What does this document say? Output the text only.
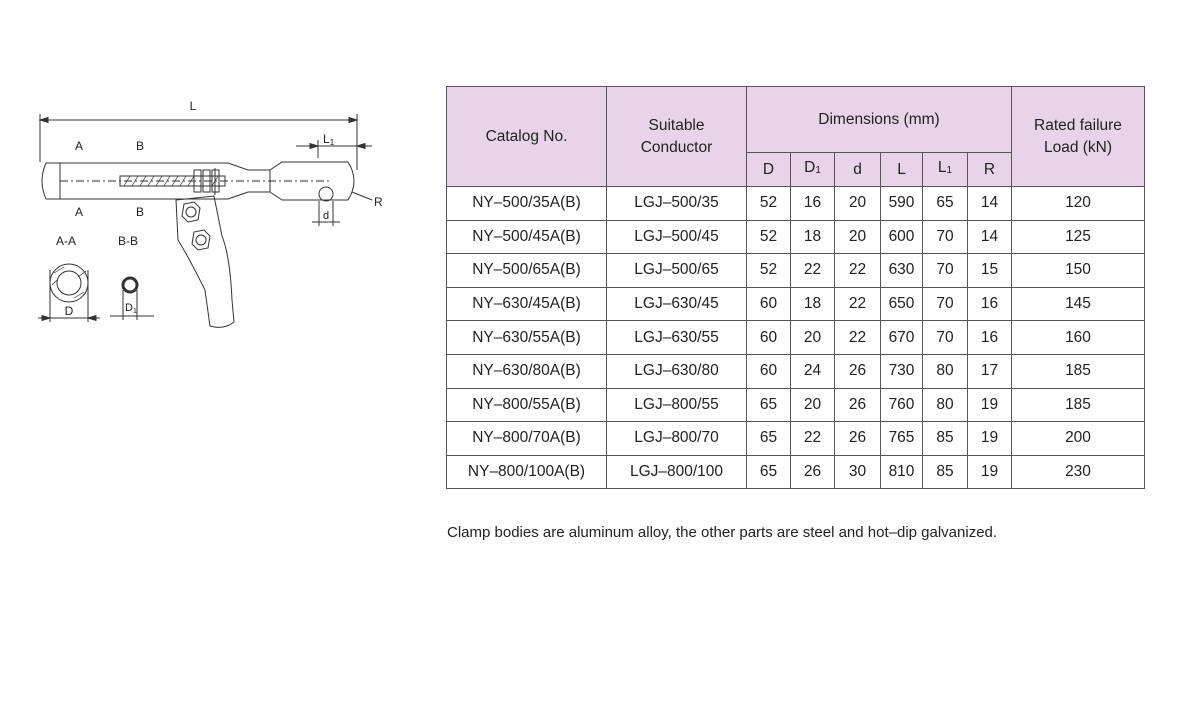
L
L1
A	B
A	B
R
d
A-A	B-B
D	D1
Catalog No.	Suitable Conductor	Dimensions (mm)						Rated failure Load (kN)
		D	D1	d	L	L1	R	
NY–500/35A(B)	LGJ–500/35	52	16	20	590	65	14	120
NY–500/45A(B)	LGJ–500/45	52	18	20	600	70	14	125
NY–500/65A(B)	LGJ–500/65	52	22	22	630	70	15	150
NY–630/45A(B)	LGJ–630/45	60	18	22	650	70	16	145
NY–630/55A(B)	LGJ–630/55	60	20	22	670	70	16	160
NY–630/80A(B)	LGJ–630/80	60	24	26	730	80	17	185
NY–800/55A(B)	LGJ–800/55	65	20	26	760	80	19	185
NY–800/70A(B)	LGJ–800/70	65	22	26	765	85	19	200
NY–800/100A(B)	LGJ–800/100	65	26	30	810	85	19	230
Clamp bodies are aluminum alloy, the other parts are steel and hot–dip galvanized.
